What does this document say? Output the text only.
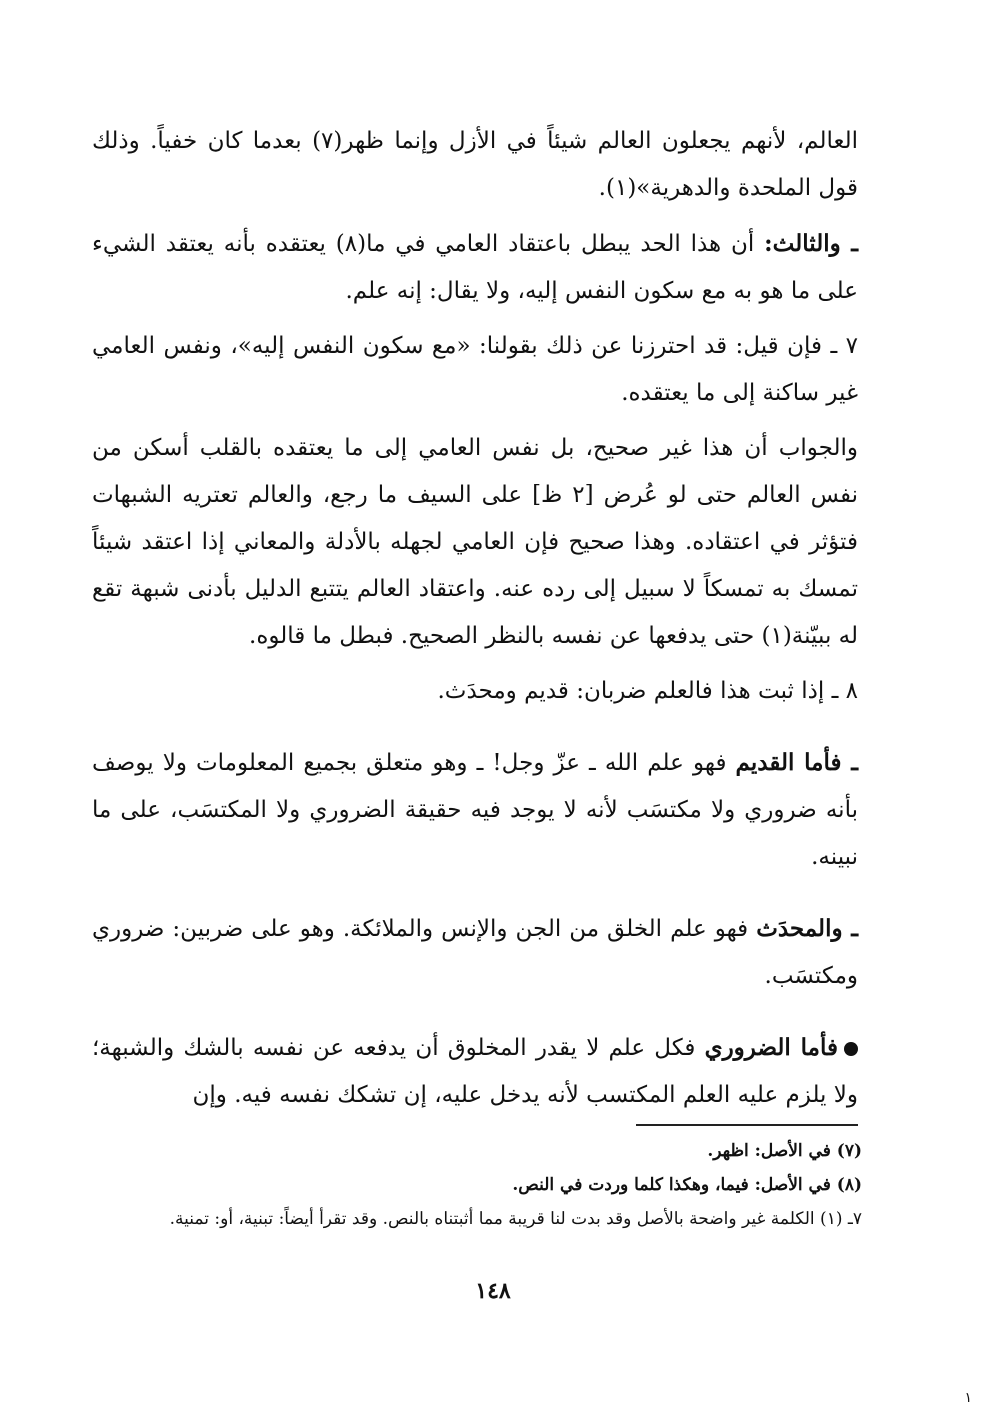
العالم، لأنهم يجعلون العالم شيئاً في الأزل وإنما ظهر(٧) بعدما كان خفياً. وذلك قول الملحدة والدهرية»(١).

ـ والثالث: أن هذا الحد يبطل باعتقاد العامي في ما(٨) يعتقده بأنه يعتقد الشيء على ما هو به مع سكون النفس إليه، ولا يقال: إنه علم.

٧ ـ فإن قيل: قد احترزنا عن ذلك بقولنا: «مع سكون النفس إليه»، ونفس العامي غير ساكنة إلى ما يعتقده.

والجواب أن هذا غير صحيح، بل نفس العامي إلى ما يعتقده بالقلب أسكن من نفس العالم حتى لو عُرض [٢ ظ] على السيف ما رجع، والعالم تعتريه الشبهات فتؤثر في اعتقاده. وهذا صحيح فإن العامي لجهله بالأدلة والمعاني إذا اعتقد شيئاً تمسك به تمسكاً لا سبيل إلى رده عنه. واعتقاد العالم يتتبع الدليل بأدنى شبهة تقع له ببيّنة(١) حتى يدفعها عن نفسه بالنظر الصحيح. فبطل ما قالوه.

٨ ـ إذا ثبت هذا فالعلم ضربان: قديم ومحدَث.

ـ فأما القديم فهو علم الله ـ عزّ وجل! ـ وهو متعلق بجميع المعلومات ولا يوصف بأنه ضروري ولا مكتسَب لأنه لا يوجد فيه حقيقة الضروري ولا المكتسَب، على ما نبينه.

ـ والمحدَث فهو علم الخلق من الجن والإنس والملائكة. وهو على ضربين: ضروري ومكتسَب.

فأما الضروري فكل علم لا يقدر المخلوق أن يدفعه عن نفسه بالشك والشبهة؛ ولا يلزم عليه العلم المكتسب لأنه يدخل عليه، إن تشكك نفسه فيه. وإن

(٧) في الأصل: اظهر.

(٨) في الأصل: فيما، وهكذا كلما وردت في النص.

٧ـ (١) الكلمة غير واضحة بالأصل وقد بدت لنا قريبة مما أثبتناه بالنص. وقد تقرأ أيضاً: تبنية، أو: تمنية.

١٤٨
١
